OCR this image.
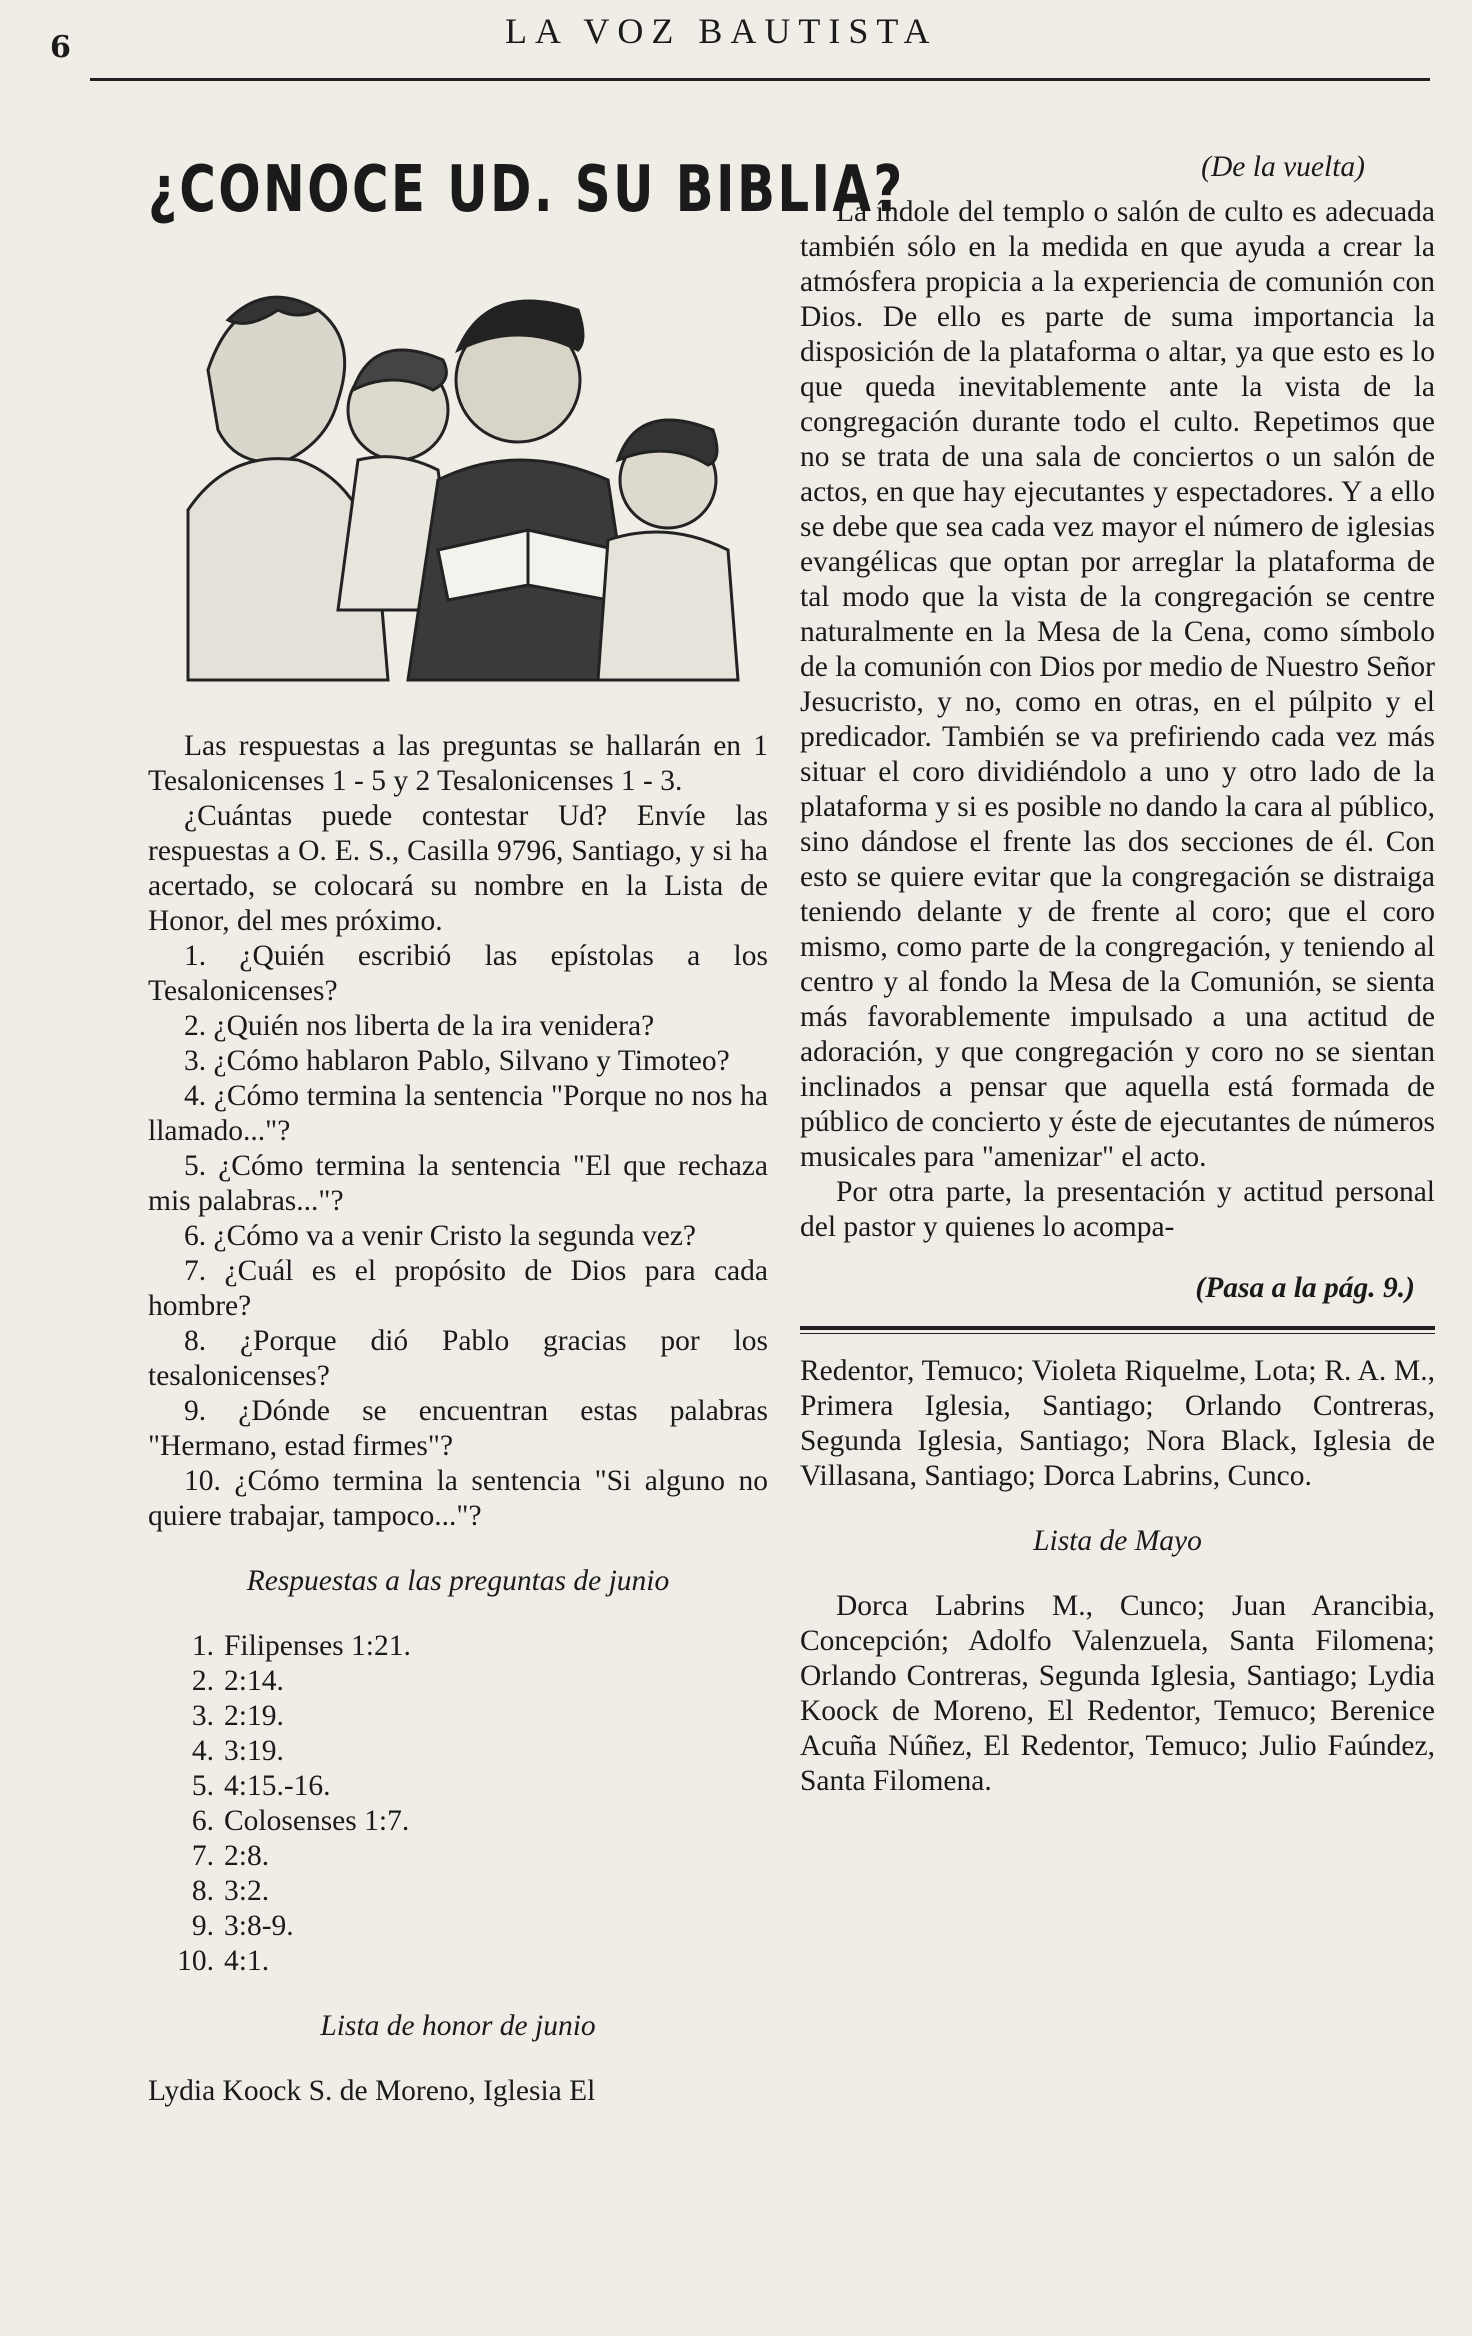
6	LA VOZ BAUTISTA

¿CONOCE UD. SU BIBLIA?

Las respuestas a las preguntas se hallarán en 1 Tesalonicenses 1 - 5 y 2 Tesalonicenses 1 - 3.

¿Cuántas puede contestar Ud? Envíe las respuestas a O. E. S., Casilla 9796, Santiago, y si ha acertado, se colocará su nombre en la Lista de Honor, del mes próximo.

1. ¿Quién escribió las epístolas a los Tesalonicenses?

2. ¿Quién nos liberta de la ira venidera?

3. ¿Cómo hablaron Pablo, Silvano y Timoteo?

4. ¿Cómo termina la sentencia "Porque no nos ha llamado..."?

5. ¿Cómo termina la sentencia "El que rechaza mis palabras..."?

6. ¿Cómo va a venir Cristo la segunda vez?

7. ¿Cuál es el propósito de Dios para cada hombre?

8. ¿Porque dió Pablo gracias por los tesalonicenses?

9. ¿Dónde se encuentran estas palabras "Hermano, estad firmes"?

10. ¿Cómo termina la sentencia "Si alguno no quiere trabajar, tampoco..."?

Respuestas a las preguntas de junio

1. Filipenses 1:21.
2. 2:14.
3. 2:19.
4. 3:19.
5. 4:15.-16.
6. Colosenses 1:7.
7. 2:8.
8. 3:2.
9. 3:8-9.
10. 4:1.

Lista de honor de junio

Lydia Koock S. de Moreno, Iglesia El

(De la vuelta)

La índole del templo o salón de culto es adecuada también sólo en la medida en que ayuda a crear la atmósfera propicia a la experiencia de comunión con Dios. De ello es parte de suma importancia la disposición de la plataforma o altar, ya que esto es lo que queda inevitablemente ante la vista de la congregación durante todo el culto. Repetimos que no se trata de una sala de conciertos o un salón de actos, en que hay ejecutantes y espectadores. Y a ello se debe que sea cada vez mayor el número de iglesias evangélicas que optan por arreglar la plataforma de tal modo que la vista de la congregación se centre naturalmente en la Mesa de la Cena, como símbolo de la comunión con Dios por medio de Nuestro Señor Jesucristo, y no, como en otras, en el púlpito y el predicador. También se va prefiriendo cada vez más situar el coro dividiéndolo a uno y otro lado de la plataforma y si es posible no dando la cara al público, sino dándose el frente las dos secciones de él. Con esto se quiere evitar que la congregación se distraiga teniendo delante y de frente al coro; que el coro mismo, como parte de la congregación, y teniendo al centro y al fondo la Mesa de la Comunión, se sienta más favorablemente impulsado a una actitud de adoración, y que congregación y coro no se sientan inclinados a pensar que aquella está formada de público de concierto y éste de ejecutantes de números musicales para "amenizar" el acto.

Por otra parte, la presentación y actitud personal del pastor y quienes lo acompa-

(Pasa a la pág. 9.)

Redentor, Temuco; Violeta Riquelme, Lota; R. A. M., Primera Iglesia, Santiago; Orlando Contreras, Segunda Iglesia, Santiago; Nora Black, Iglesia de Villasana, Santiago; Dorca Labrins, Cunco.

Lista de Mayo

Dorca Labrins M., Cunco; Juan Arancibia, Concepción; Adolfo Valenzuela, Santa Filomena; Orlando Contreras, Segunda Iglesia, Santiago; Lydia Koock de Moreno, El Redentor, Temuco; Berenice Acuña Núñez, El Redentor, Temuco; Julio Faúndez, Santa Filomena.
